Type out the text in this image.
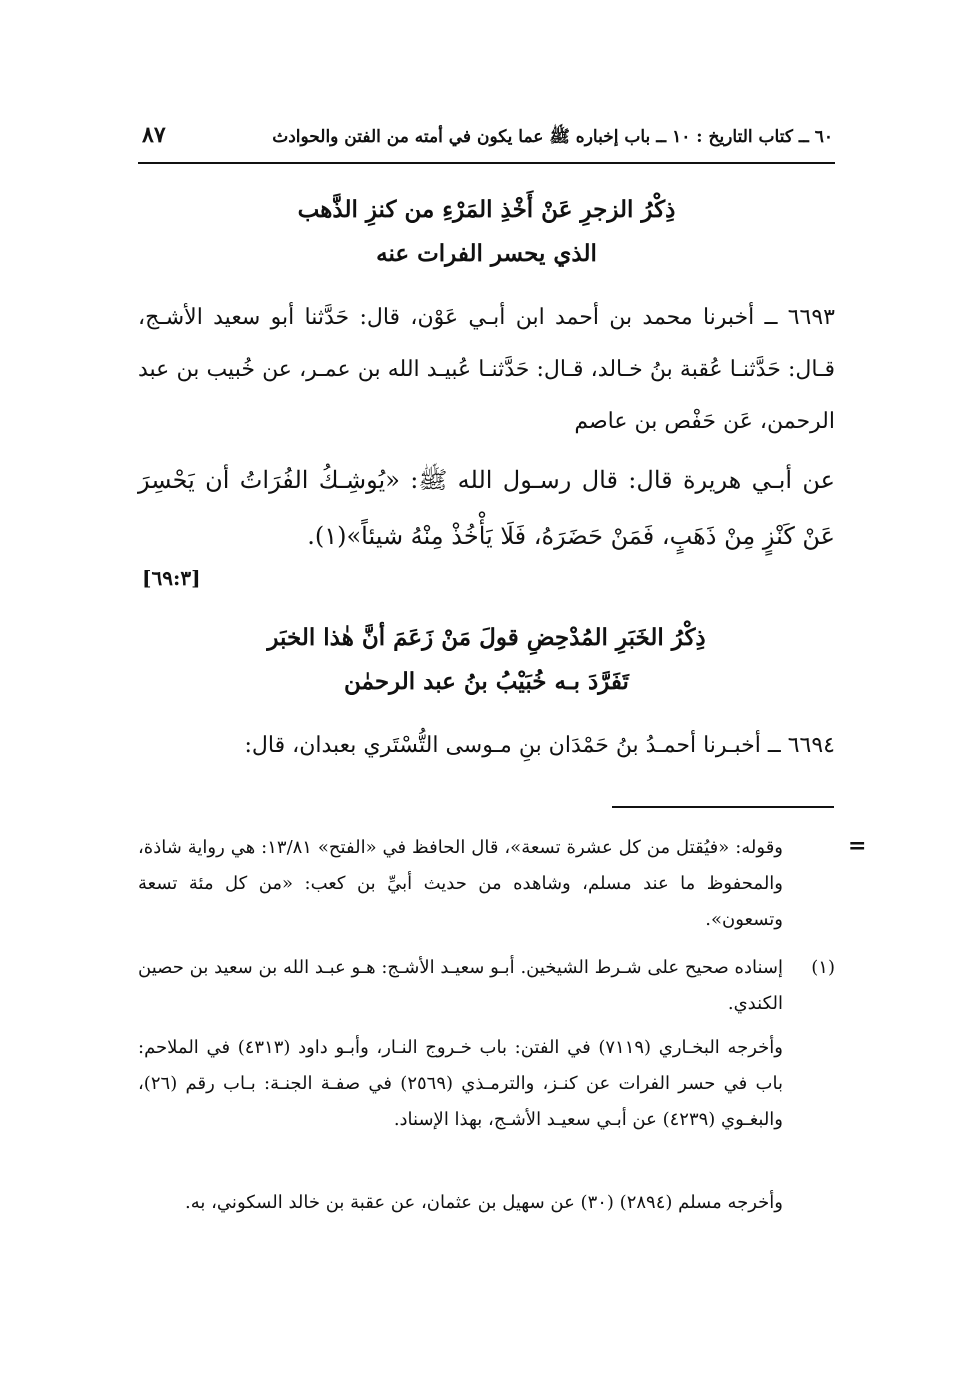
٦٠ ــ كتاب التاريخ : ١٠ ــ باب إخباره ﷺ عما يكون في أمته من الفتن والحوادث
٨٧
ذِكْرُ الزجرِ عَنْ أَخْذِ المَرْءِ من كنزِ الذَّهب
الذي يحسر الفرات عنه
٦٦٩٣ ــ أخبرنا محمد بن أحمد ابن أبـي عَوْن، قال: حَدَّثنا أبو سعيد الأشـج، قـال: حَدَّثنـا عُقبة بنُ خـالد، قـال: حَدَّثنـا عُبيـد الله بن عمـر، عن خُبيب بن عبد الرحمن، عَن حَفْص بن عاصم
عن أبـي هريرة قال: قال رسـول الله ﷺ: «يُوشِـكُ الفُرَاتُ أن يَحْسِرَ عَنْ كَنْزٍ مِنْ ذَهَبٍ، فَمَنْ حَضَرَهُ، فَلَا يَأْخُذْ مِنْهُ شيئاً»(١).
[٦٩:٣]
ذِكْرُ الخَبَرِ المُدْحِضِ قولَ مَنْ زَعَمَ أنَّ هٰذا الخبَر
تَفَرَّدَ بـه خُبَيْبُ بنُ عبد الرحمٰن
٦٦٩٤ ــ أخبـرنا أحمـدُ بنُ حَمْدَان بنِ مـوسى التُّسْتَري بعبدان، قال:
=
وقوله: «فيُقتل من كل عشرة تسعة»، قال الحافظ في «الفتح» ١٣/٨١: هي رواية شاذة، والمحفوظ ما عند مسلم، وشاهده من حديث أبيِّ بن كعب: «من كل مئة تسعة وتسعون».
(١)
إسناده صحيح على شـرط الشيخين. أبـو سعيـد الأشـج: هـو عبـد الله بن سعيد بن حصين الكندي.
وأخرجه البخـاري (٧١١٩) في الفتن: باب خـروج النـار، وأبـو داود (٤٣١٣) في الملاحم: باب في حسر الفرات عن كنـز، والترمـذي (٢٥٦٩) في صفـة الجنـة: بـاب رقم (٢٦)، والبغـوي (٤٢٣٩) عن أبـي سعيـد الأشـج، بهذا الإسناد.
وأخرجه مسلم (٢٨٩٤) (٣٠) عن سهيل بن عثمان، عن عقبة بن خالد السكوني، به.
